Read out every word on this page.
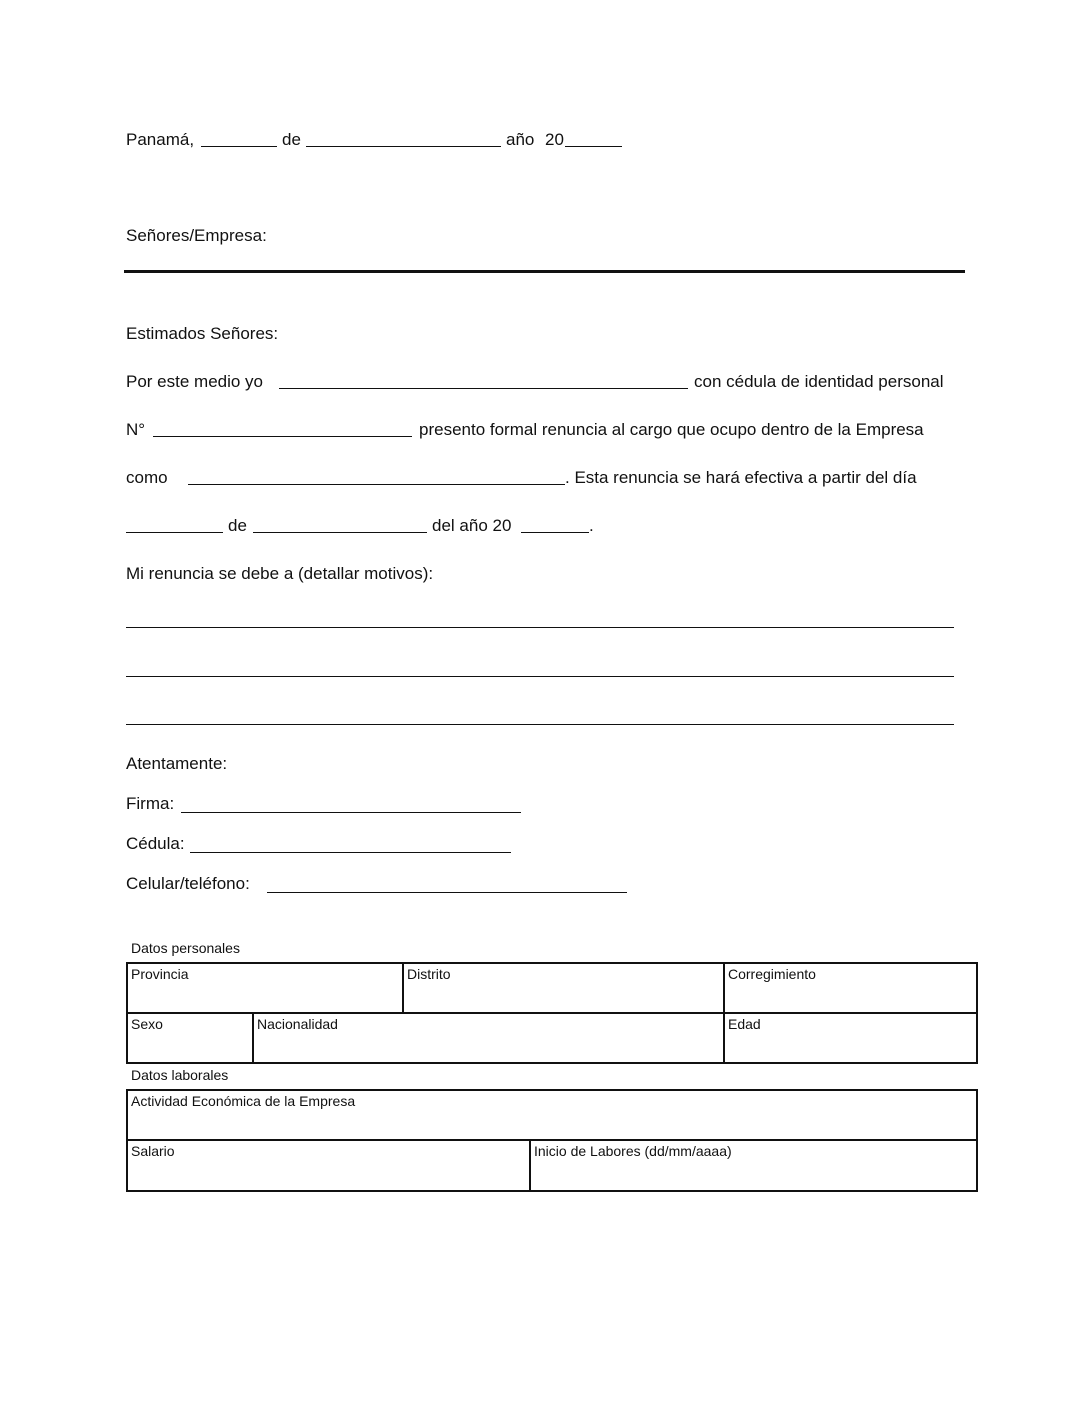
Panamá,	de	año 20
Señores/Empresa:
Estimados Señores:
Por este medio yo	con cédula de identidad personal
N°	presento formal renuncia al cargo que ocupo dentro de la Empresa
como	. Esta renuncia se hará efectiva a partir del día
de	del año 20	.
Mi renuncia se debe a (detallar motivos):
Atentamente:
Firma:
Cédula:
Celular/teléfono:
Datos personales
Provincia	Distrito	Corregimiento
Sexo	Nacionalidad	Edad
Datos laborales
Actividad Económica de la Empresa
Salario	Inicio de Labores (dd/mm/aaaa)
